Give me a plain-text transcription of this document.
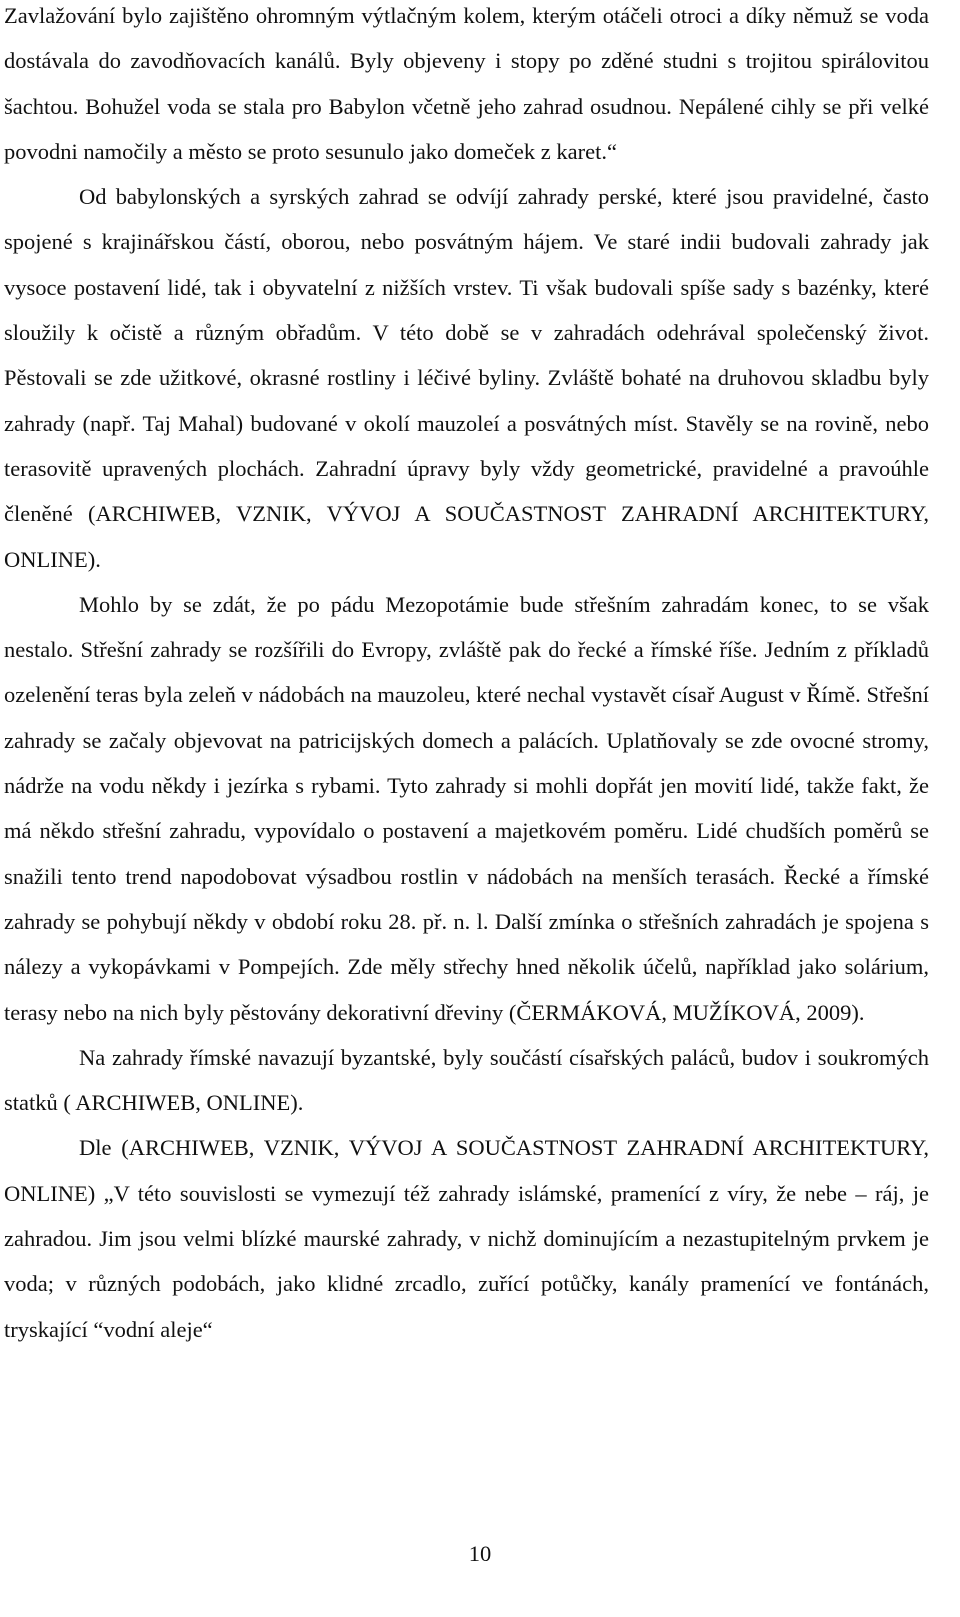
Zavlažování bylo zajištěno ohromným výtlačným kolem, kterým otáčeli otroci a díky němuž se voda dostávala do zavodňovacích kanálů. Byly objeveny i stopy po zděné studni s trojitou spirálovitou šachtou. Bohužel voda se stala pro Babylon včetně jeho zahrad osudnou. Nepálené cihly se při velké povodni namočily a město se proto sesunulo jako domeček z karet.“

Od babylonských a syrských zahrad se odvíjí zahrady perské, které jsou pravidelné, často spojené s krajinářskou částí, oborou, nebo posvátným hájem. Ve staré indii budovali zahrady jak vysoce postavení lidé, tak i obyvatelní z nižších vrstev. Ti však budovali spíše sady s bazénky, které sloužily k očistě a různým obřadům. V této době se v zahradách odehrával společenský život. Pěstovali se zde užitkové, okrasné rostliny i léčivé byliny. Zvláště bohaté na druhovou skladbu byly zahrady (např. Taj Mahal) budované v okolí mauzoleí a posvátných míst. Stavěly se na rovině, nebo terasovitě upravených plochách. Zahradní úpravy byly vždy geometrické, pravidelné a pravoúhle členěné (ARCHIWEB, VZNIK, VÝVOJ A SOUČASTNOST ZAHRADNÍ ARCHITEKTURY, ONLINE).

Mohlo by se zdát, že po pádu Mezopotámie bude střešním zahradám konec, to se však nestalo. Střešní zahrady se rozšířili do Evropy, zvláště pak do řecké a římské říše. Jedním z příkladů ozelenění teras byla zeleň v nádobách na mauzoleu, které nechal vystavět císař August v Římě. Střešní zahrady se začaly objevovat na patricijských domech a palácích. Uplatňovaly se zde ovocné stromy, nádrže na vodu někdy i jezírka s rybami. Tyto zahrady si mohli dopřát jen movití lidé, takže fakt, že má někdo střešní zahradu, vypovídalo o postavení a majetkovém poměru. Lidé chudších poměrů se snažili tento trend napodobovat výsadbou rostlin v nádobách na menších terasách. Řecké a římské zahrady se pohybují někdy v období roku 28. př. n. l. Další zmínka o střešních zahradách je spojena s nálezy a vykopávkami v Pompejích. Zde měly střechy hned několik účelů, například jako solárium, terasy nebo na nich byly pěstovány dekorativní dřeviny (ČERMÁKOVÁ, MUŽÍKOVÁ, 2009).

Na zahrady římské navazují byzantské, byly součástí císařských paláců, budov i soukromých statků ( ARCHIWEB, ONLINE).

Dle (ARCHIWEB, VZNIK, VÝVOJ A SOUČASTNOST ZAHRADNÍ ARCHITEKTURY, ONLINE) „V této souvislosti se vymezují též zahrady islámské, pramenící z víry, že nebe – ráj, je zahradou. Jim jsou velmi blízké maurské zahrady, v nichž dominujícím a nezastupitelným prvkem je voda; v různých podobách, jako klidné zrcadlo, zuřící potůčky, kanály pramenící ve fontánách, tryskající “vodní aleje“

10
